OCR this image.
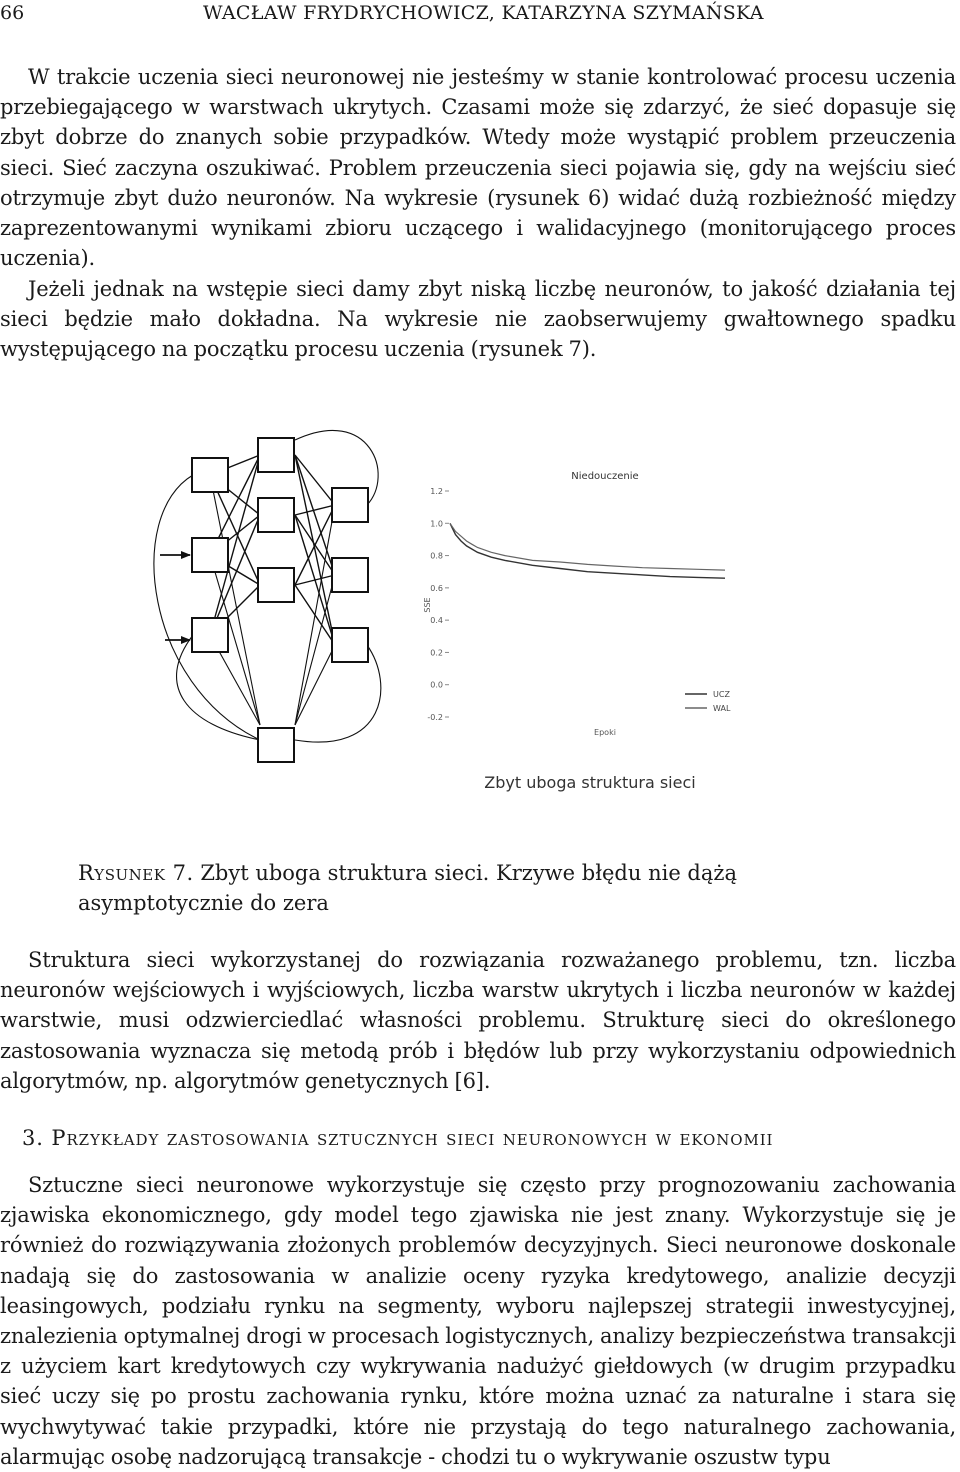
66	WACŁAW FRYDRYCHOWICZ, KATARZYNA SZYMAŃSKA

W trakcie uczenia sieci neuronowej nie jesteśmy w stanie kontrolować procesu uczenia przebiegającego w warstwach ukrytych. Czasami może się zdarzyć, że sieć dopasuje się zbyt dobrze do znanych sobie przypadków. Wtedy może wystąpić problem przeuczenia sieci. Sieć zaczyna oszukiwać. Problem przeuczenia sieci pojawia się, gdy na wejściu sieć otrzymuje zbyt dużo neuronów. Na wykresie (rysunek 6) widać dużą rozbieżność między zaprezentowanymi wynikami zbioru uczącego i walidacyjnego (monitorującego proces uczenia).

Jeżeli jednak na wstępie sieci damy zbyt niską liczbę neuronów, to jakość działania tej sieci będzie mało dokładna. Na wykresie nie zaobserwujemy gwałtownego spadku występującego na początku procesu uczenia (rysunek 7).

Niedouczenie
1.2
1.0
0.8
0.6
0.4
0.2
0.0
-0.2
SSE
Epoki
UCZ
WAL
Zbyt uboga struktura sieci

Rysunek 7. Zbyt uboga struktura sieci. Krzywe błędu nie dążą asymptotycznie do zera

Struktura sieci wykorzystanej do rozwiązania rozważanego problemu, tzn. liczba neuronów wejściowych i wyjściowych, liczba warstw ukrytych i liczba neuronów w każdej warstwie, musi odzwierciedlać własności problemu. Strukturę sieci do określonego zastosowania wyznacza się metodą prób i błędów lub przy wykorzystaniu odpowiednich algorytmów, np. algorytmów genetycznych [6].

3. Przykłady zastosowania sztucznych sieci neuronowych w ekonomii

Sztuczne sieci neuronowe wykorzystuje się często przy prognozowaniu zachowania zjawiska ekonomicznego, gdy model tego zjawiska nie jest znany. Wykorzystuje się je również do rozwiązywania złożonych problemów decyzyjnych. Sieci neuronowe doskonale nadają się do zastosowania w analizie oceny ryzyka kredytowego, analizie decyzji leasingowych, podziału rynku na segmenty, wyboru najlepszej strategii inwestycyjnej, znalezienia optymalnej drogi w procesach logistycznych, analizy bezpieczeństwa transakcji z użyciem kart kredytowych czy wykrywania nadużyć giełdowych (w drugim przypadku sieć uczy się po prostu zachowania rynku, które można uznać za naturalne i stara się wychwytywać takie przypadki, które nie przystają do tego naturalnego zachowania, alarmując osobę nadzorującą transakcje - chodzi tu o wykrywanie oszustw typu
